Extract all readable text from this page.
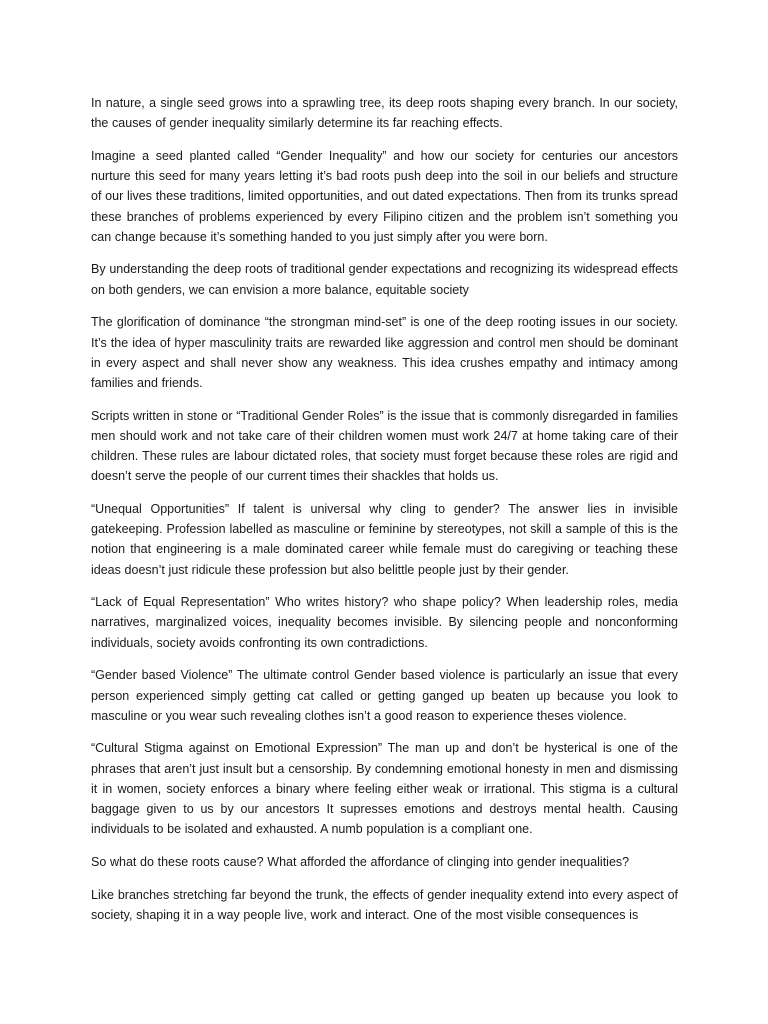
In nature, a single seed grows into a sprawling tree, its deep roots shaping every branch. In our society, the causes of gender inequality similarly determine its far reaching effects.

Imagine a seed planted called “Gender Inequality” and how our society for centuries our ancestors nurture this seed for many years letting it’s bad roots push deep into the soil in our beliefs and structure of our lives these traditions, limited opportunities, and out dated expectations. Then from its trunks spread these branches of problems experienced by every Filipino citizen and the problem isn’t something you can change because it’s something handed to you just simply after you were born.

By understanding the deep roots of traditional gender expectations and recognizing its widespread effects on both genders, we can envision a more balance, equitable society

The glorification of dominance “the strongman mind-set” is one of the deep rooting issues in our society. It’s the idea of hyper masculinity traits are rewarded like aggression and control men should be dominant in every aspect and shall never show any weakness. This idea crushes empathy and intimacy among families and friends.

Scripts written in stone or “Traditional Gender Roles” is the issue that is commonly disregarded in families men should work and not take care of their children women must work 24/7 at home taking care of their children. These rules are labour dictated roles, that society must forget because these roles are rigid and doesn’t serve the people of our current times their shackles that holds us.

“Unequal Opportunities” If talent is universal why cling to gender? The answer lies in invisible gatekeeping. Profession labelled as masculine or feminine by stereotypes, not skill a sample of this is the notion that engineering is a male dominated career while female must do caregiving or teaching these ideas doesn’t just ridicule these profession but also belittle people just by their gender.

“Lack of Equal Representation” Who writes history? who shape policy? When leadership roles, media narratives, marginalized voices, inequality becomes invisible. By silencing people and nonconforming individuals, society avoids confronting its own contradictions.

“Gender based Violence” The ultimate control Gender based violence is particularly an issue that every person experienced simply getting cat called or getting ganged up beaten up because you look to masculine or you wear such revealing clothes isn’t a good reason to experience theses violence.

“Cultural Stigma against on Emotional Expression” The man up and don’t be hysterical is one of the phrases that aren’t just insult but a censorship. By condemning emotional honesty in men and dismissing it in women, society enforces a binary where feeling either weak or irrational. This stigma is a cultural baggage given to us by our ancestors It supresses emotions and destroys mental health. Causing individuals to be isolated and exhausted. A numb population is a compliant one.

So what do these roots cause? What afforded the affordance of clinging into gender inequalities?

Like branches stretching far beyond the trunk, the effects of gender inequality extend into every aspect of society, shaping it in a way people live, work and interact. One of the most visible consequences is
